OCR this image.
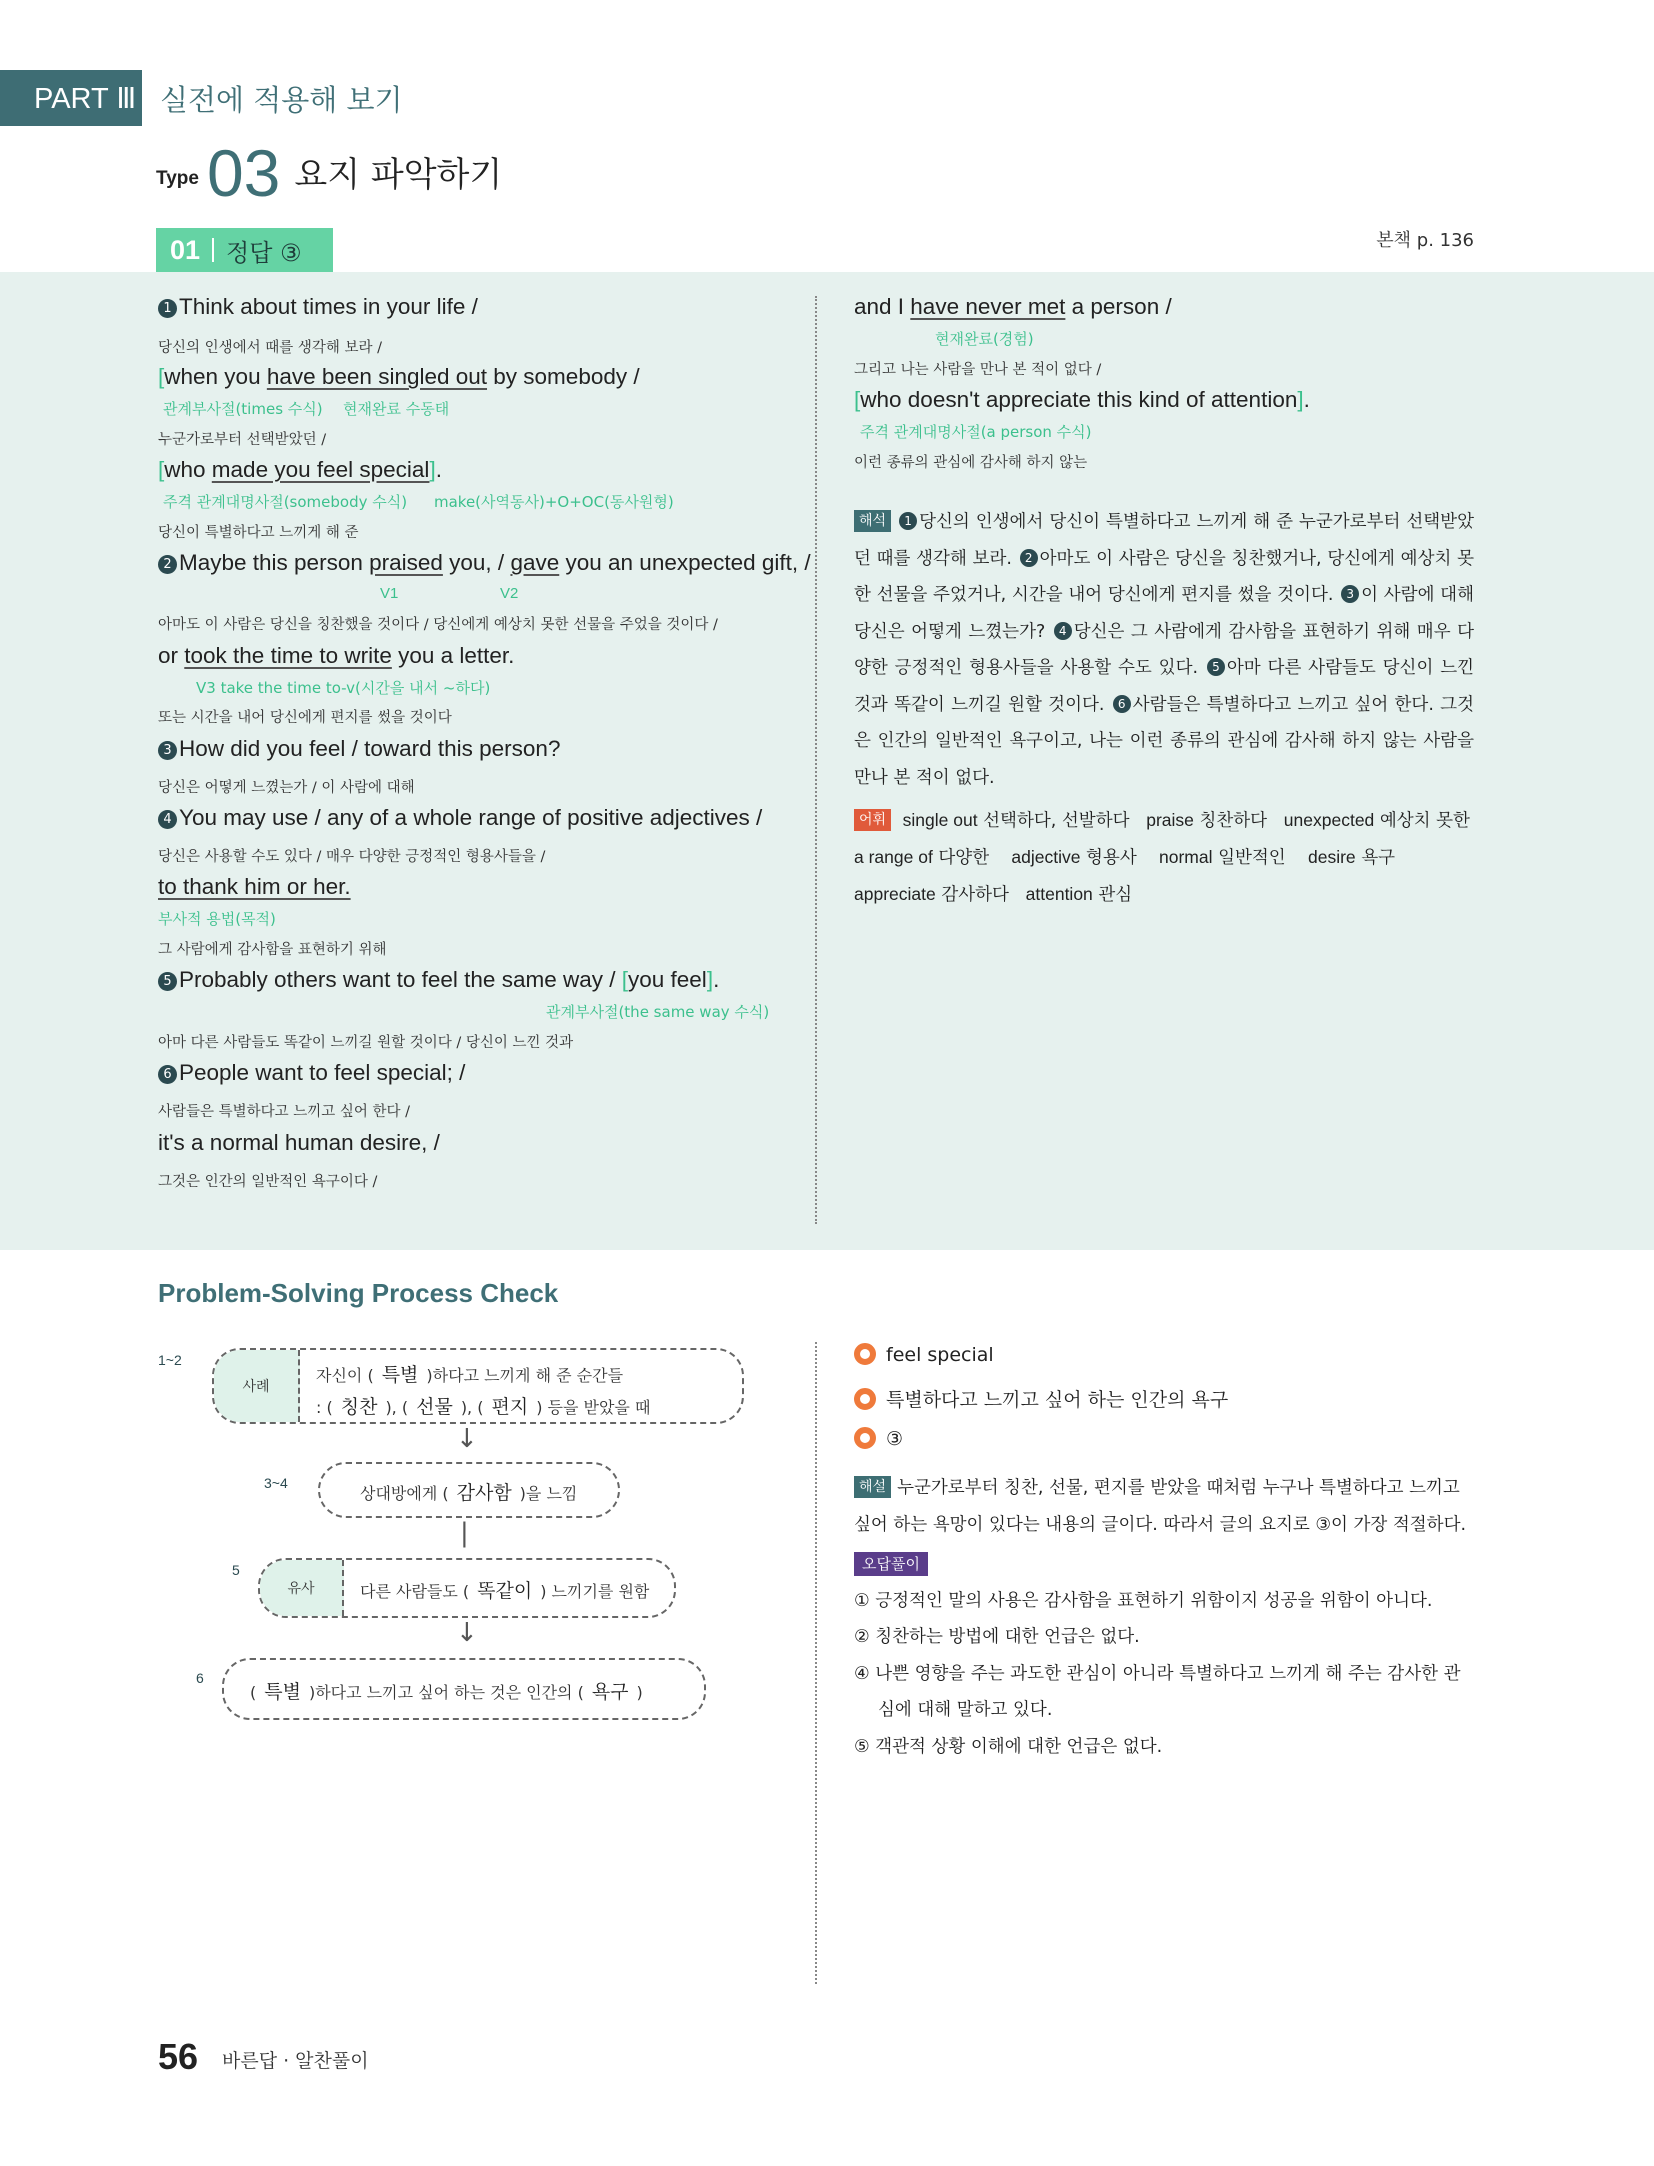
PART Ⅲ 실전에 적용해 보기
Type 03 요지 파악하기
01 정답 ③	본책 p. 136
1 Think about times in your life /
당신의 인생에서 때를 생각해 보라 /
[when you have been singled out by somebody /
관계부사절(times 수식) 현재완료 수동태
누군가로부터 선택받았던 /
[who made you feel special].
주격 관계대명사절(somebody 수식) make(사역동사)+O+OC(동사원형)
당신이 특별하다고 느끼게 해 준
2 Maybe this person praised you, / gave you an unexpected gift, /
V1	V2
아마도 이 사람은 당신을 칭찬했을 것이다 / 당신에게 예상치 못한 선물을 주었을 것이다 /
or took the time to write you a letter.
V3 take the time to-v(시간을 내서 ~하다)
또는 시간을 내어 당신에게 편지를 썼을 것이다
3 How did you feel / toward this person?
당신은 어떻게 느꼈는가 / 이 사람에 대해
4 You may use / any of a whole range of positive adjectives /
당신은 사용할 수도 있다 / 매우 다양한 긍정적인 형용사들을 /
to thank him or her.
부사적 용법(목적)
그 사람에게 감사함을 표현하기 위해
5 Probably others want to feel the same way / [you feel].
관계부사절(the same way 수식)
아마 다른 사람들도 똑같이 느끼길 원할 것이다 / 당신이 느낀 것과
6 People want to feel special; /
사람들은 특별하다고 느끼고 싶어 한다 /
it's a normal human desire, /
그것은 인간의 일반적인 욕구이다 /
and I have never met a person /
현재완료(경험)
그리고 나는 사람을 만나 본 적이 없다 /
[who doesn't appreciate this kind of attention].
주격 관계대명사절(a person 수식)
이런 종류의 관심에 감사해 하지 않는
해석 1 당신의 인생에서 당신이 특별하다고 느끼게 해 준 누군가로부터 선택받았던 때를 생각해 보라. 2 아마도 이 사람은 당신을 칭찬했거나, 당신에게 예상치 못한 선물을 주었거나, 시간을 내어 당신에게 편지를 썼을 것이다. 3 이 사람에 대해 당신은 어떻게 느꼈는가? 4 당신은 그 사람에게 감사함을 표현하기 위해 매우 다양한 긍정적인 형용사들을 사용할 수도 있다. 5 아마 다른 사람들도 당신이 느낀 것과 똑같이 느끼길 원할 것이다. 6 사람들은 특별하다고 느끼고 싶어 한다. 그것은 인간의 일반적인 욕구이고, 나는 이런 종류의 관심에 감사해 하지 않는 사람을 만나 본 적이 없다.
어휘 single out 선택하다, 선발하다 praise 칭찬하다 unexpected 예상치 못한
a range of 다양한 adjective 형용사 normal 일반적인 desire 욕구
appreciate 감사하다 attention 관심
Problem-Solving Process Check
1~2
사례
자신이 ( 특별 )하다고 느끼게 해 준 순간들
: ( 칭찬 ), ( 선물 ), ( 편지 ) 등을 받았을 때
↓
3~4
상대방에게 ( 감사함 )을 느낌
|
5
유사	다른 사람들도 ( 똑같이 ) 느끼기를 원함
↓
6
( 특별 )하다고 느끼고 싶어 하는 것은 인간의 ( 욕구 )
feel special
특별하다고 느끼고 싶어 하는 인간의 욕구
③
해설 누군가로부터 칭찬, 선물, 편지를 받았을 때처럼 누구나 특별하다고 느끼고 싶어 하는 욕망이 있다는 내용의 글이다. 따라서 글의 요지로 ③이 가장 적절하다.
오답풀이
① 긍정적인 말의 사용은 감사함을 표현하기 위함이지 성공을 위함이 아니다.
② 칭찬하는 방법에 대한 언급은 없다.
④ 나쁜 영향을 주는 과도한 관심이 아니라 특별하다고 느끼게 해 주는 감사한 관심에 대해 말하고 있다.
⑤ 객관적 상황 이해에 대한 언급은 없다.
56 바른답 · 알찬풀이
